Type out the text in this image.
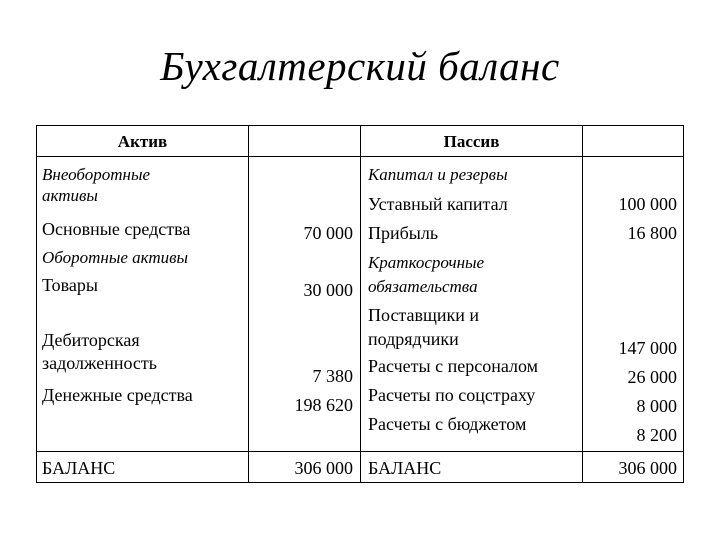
Бухгалтерский баланс
Актив	Пассив
Внеоборотные
активы
Основные средства
Оборотные активы
Товары
Дебиторская
задолженность
Денежные средства
БАЛАНС
70 000
30 000
7 380
198 620
306 000
Капитал и резервы
Уставный капитал
Прибыль
Краткосрочные
обязательства
Поставщики и
подрядчики
Расчеты с персоналом
Расчеты по соцстраху
Расчеты с бюджетом
БАЛАНС
100 000
16 800
147 000
26 000
8 000
8 200
306 000
